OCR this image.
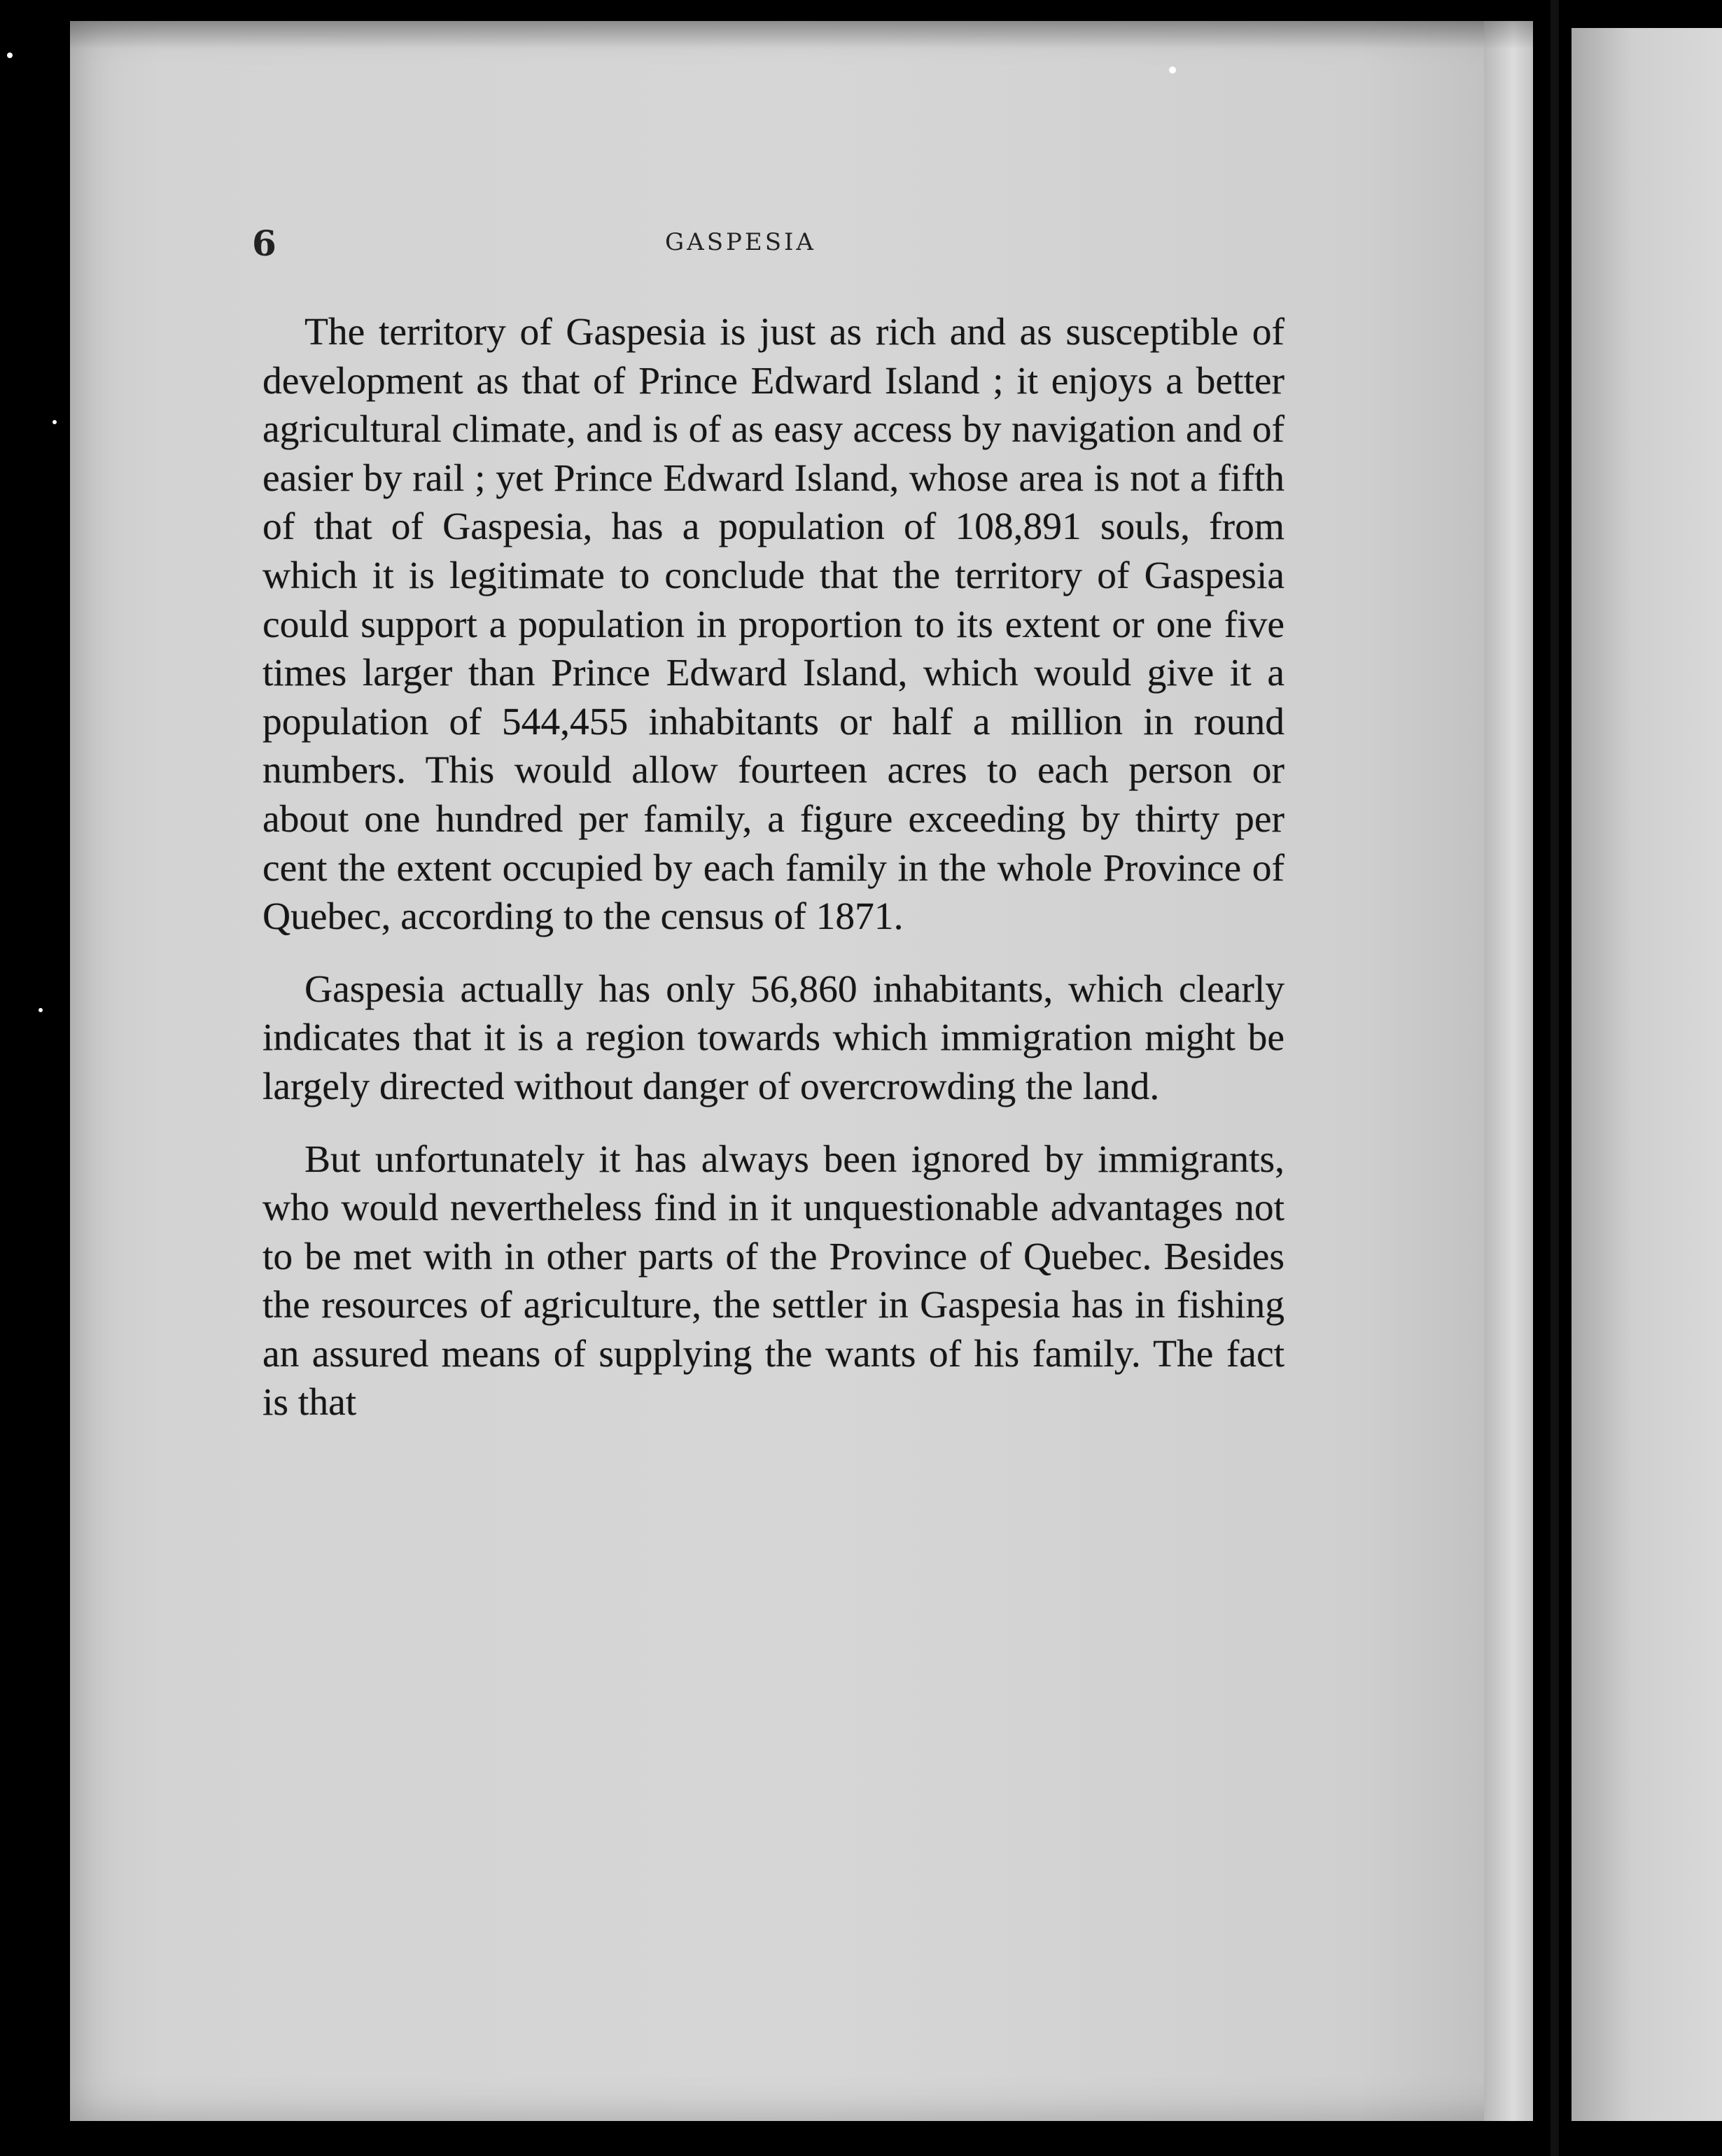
6	GASPESIA

The territory of Gaspesia is just as rich and as susceptible of development as that of Prince Edward Island ; it enjoys a better agricultural climate, and is of as easy access by navigation and of easier by rail ; yet Prince Edward Island, whose area is not a fifth of that of Gaspesia, has a population of 108,891 souls, from which it is legitimate to conclude that the territory of Gaspesia could support a population in proportion to its extent or one five times larger than Prince Edward Island, which would give it a population of 544,455 inhabitants or half a million in round numbers. This would allow fourteen acres to each person or about one hundred per family, a figure exceeding by thirty per cent the extent occupied by each family in the whole Province of Quebec, according to the census of 1871.

Gaspesia actually has only 56,860 inhabitants, which clearly indicates that it is a region towards which immigration might be largely directed without danger of overcrowding the land.

But unfortunately it has always been ignored by immigrants, who would nevertheless find in it unquestionable advantages not to be met with in other parts of the Province of Quebec. Besides the resources of agriculture, the settler in Gaspesia has in fishing an assured means of supplying the wants of his family. The fact is that
